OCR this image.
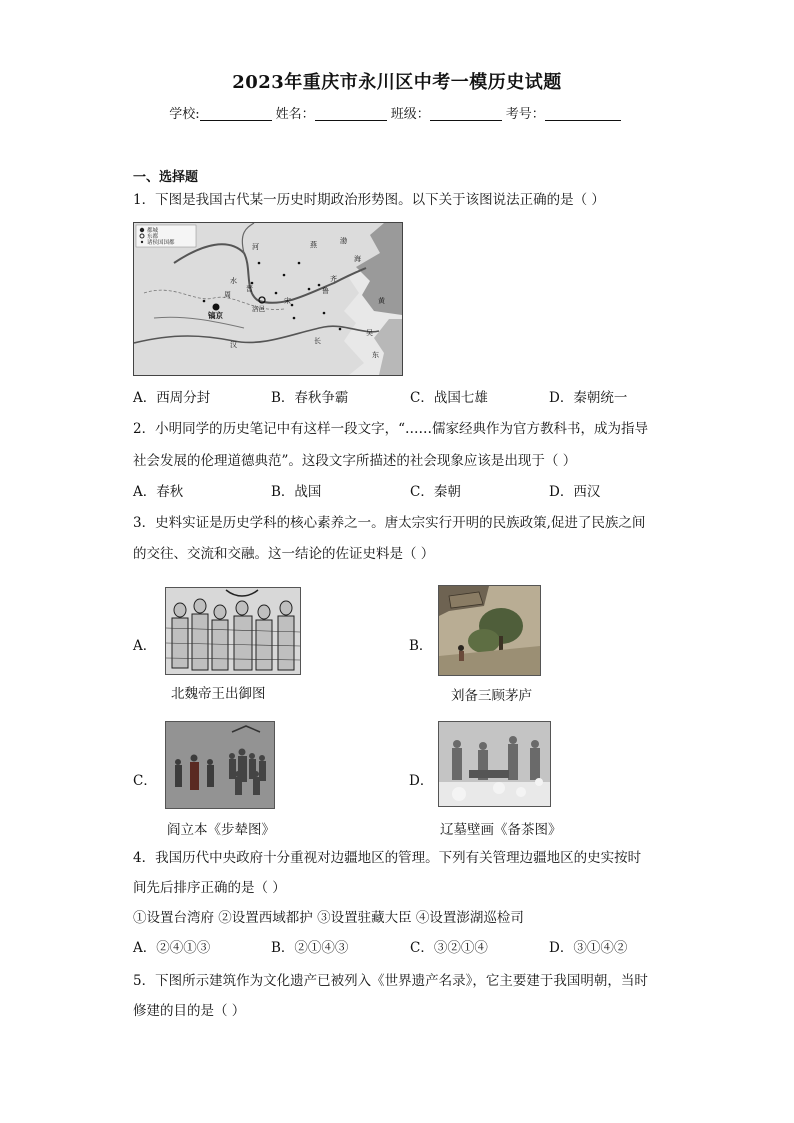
2023年重庆市永川区中考一模历史试题
学校:	姓名：	班级：	考号：
一、选择题
1．下图是我国古代某一历史时期政治形势图。以下关于该图说法正确的是（ ）
都城
东都
诸侯国国都	燕	渤
海
齐
鲁
晋
宋
洛邑
镐京
周
黄
汉	长
东
吴
河
水
A．西周分封	B．春秋争霸	C．战国七雄	D．秦朝统一
2．小明同学的历史笔记中有这样一段文字，“……儒家经典作为官方教科书，成为指导
社会发展的伦理道德典范”。这段文字所描述的社会现象应该是出现于（ ）
A．春秋	B．战国	C．秦朝	D．西汉
3．史料实证是历史学科的核心素养之一。唐太宗实行开明的民族政策,促进了民族之间
的交往、交流和交融。这一结论的佐证史料是（ ）
A．
北魏帝王出御图
B．
刘备三顾茅庐
C．
阎立本《步辇图》
D．
辽墓壁画《备茶图》
4．我国历代中央政府十分重视对边疆地区的管理。下列有关管理边疆地区的史实按时
间先后排序正确的是（ ）
①设置台湾府 ②设置西域都护 ③设置驻藏大臣 ④设置澎湖巡检司
A．②④①③	B．②①④③	C．③②①④	D．③①④②
5．下图所示建筑作为文化遗产已被列入《世界遗产名录》，它主要建于我国明朝，当时
修建的目的是（ ）
